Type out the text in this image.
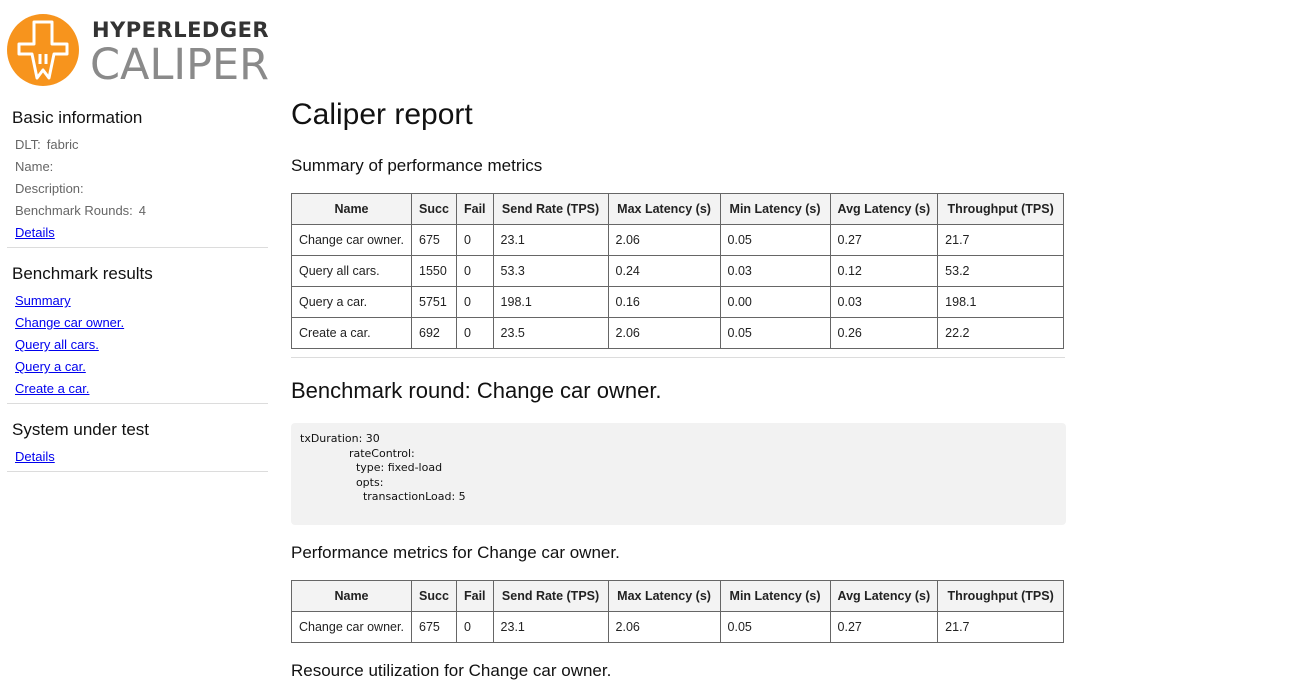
HYPERLEDGER
CALIPER
Basic information
DLT: fabric
Name:
Description:
Benchmark Rounds: 4
Details
Benchmark results
Summary
Change car owner.
Query all cars.
Query a car.
Create a car.
System under test
Details
Caliper report
Summary of performance metrics
Name	Succ	Fail	Send Rate (TPS)	Max Latency (s)	Min Latency (s)	Avg Latency (s)	Throughput (TPS)
Change car owner.	675	0	23.1	2.06	0.05	0.27	21.7
Query all cars.	1550	0	53.3	0.24	0.03	0.12	53.2
Query a car.	5751	0	198.1	0.16	0.00	0.03	198.1
Create a car.	692	0	23.5	2.06	0.05	0.26	22.2
Benchmark round: Change car owner.
txDuration: 30
rateControl:
type: fixed-load
opts:
transactionLoad: 5
Performance metrics for Change car owner.
Name	Succ	Fail	Send Rate (TPS)	Max Latency (s)	Min Latency (s)	Avg Latency (s)	Throughput (TPS)
Change car owner.	675	0	23.1	2.06	0.05	0.27	21.7
Resource utilization for Change car owner.
